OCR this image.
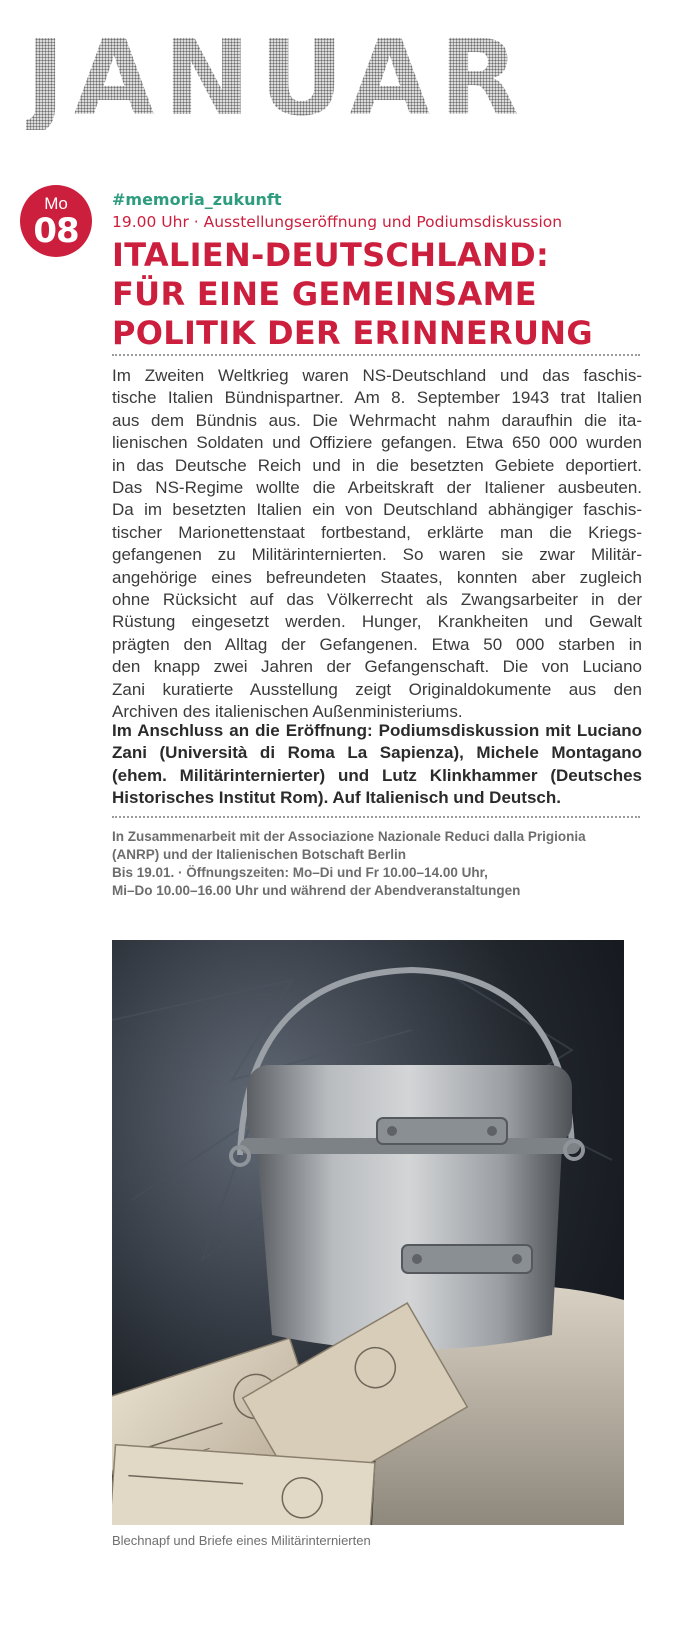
JANUAR
Mo
08
#memoria_zukunft
19.00 Uhr · Ausstellungseröffnung und Podiumsdiskussion
ITALIEN-DEUTSCHLAND:
FÜR EINE GEMEINSAME
POLITIK DER ERINNERUNG
Im Zweiten Weltkrieg waren NS-Deutschland und das faschis-
tische Italien Bündnispartner. Am 8. September 1943 trat Italien
aus dem Bündnis aus. Die Wehrmacht nahm daraufhin die ita-
lienischen Soldaten und Offiziere gefangen. Etwa 650 000 wurden
in das Deutsche Reich und in die besetzten Gebiete deportiert.
Das NS-Regime wollte die Arbeitskraft der Italiener ausbeuten.
Da im besetzten Italien ein von Deutschland abhängiger faschis-
tischer Marionettenstaat fortbestand, erklärte man die Kriegs-
gefangenen zu Militärinternierten. So waren sie zwar Militär-
angehörige eines befreundeten Staates, konnten aber zugleich
ohne Rücksicht auf das Völkerrecht als Zwangsarbeiter in der
Rüstung eingesetzt werden. Hunger, Krankheiten und Gewalt
prägten den Alltag der Gefangenen. Etwa 50 000 starben in
den knapp zwei Jahren der Gefangenschaft. Die von Luciano
Zani kuratierte Ausstellung zeigt Originaldokumente aus den
Archiven des italienischen Außenministeriums.
Im Anschluss an die Eröffnung: Podiumsdiskussion mit Luciano
Zani (Università di Roma La Sapienza), Michele Montagano
(ehem. Militärinternierter) und Lutz Klinkhammer (Deutsches
Historisches Institut Rom). Auf Italienisch und Deutsch.
In Zusammenarbeit mit der Associazione Nazionale Reduci dalla Prigionia
(ANRP) und der Italienischen Botschaft Berlin
Bis 19.01. · Öffnungszeiten: Mo–Di und Fr 10.00–14.00 Uhr,
Mi–Do 10.00–16.00 Uhr und während der Abendveranstaltungen
Blechnapf und Briefe eines Militärinternierten
